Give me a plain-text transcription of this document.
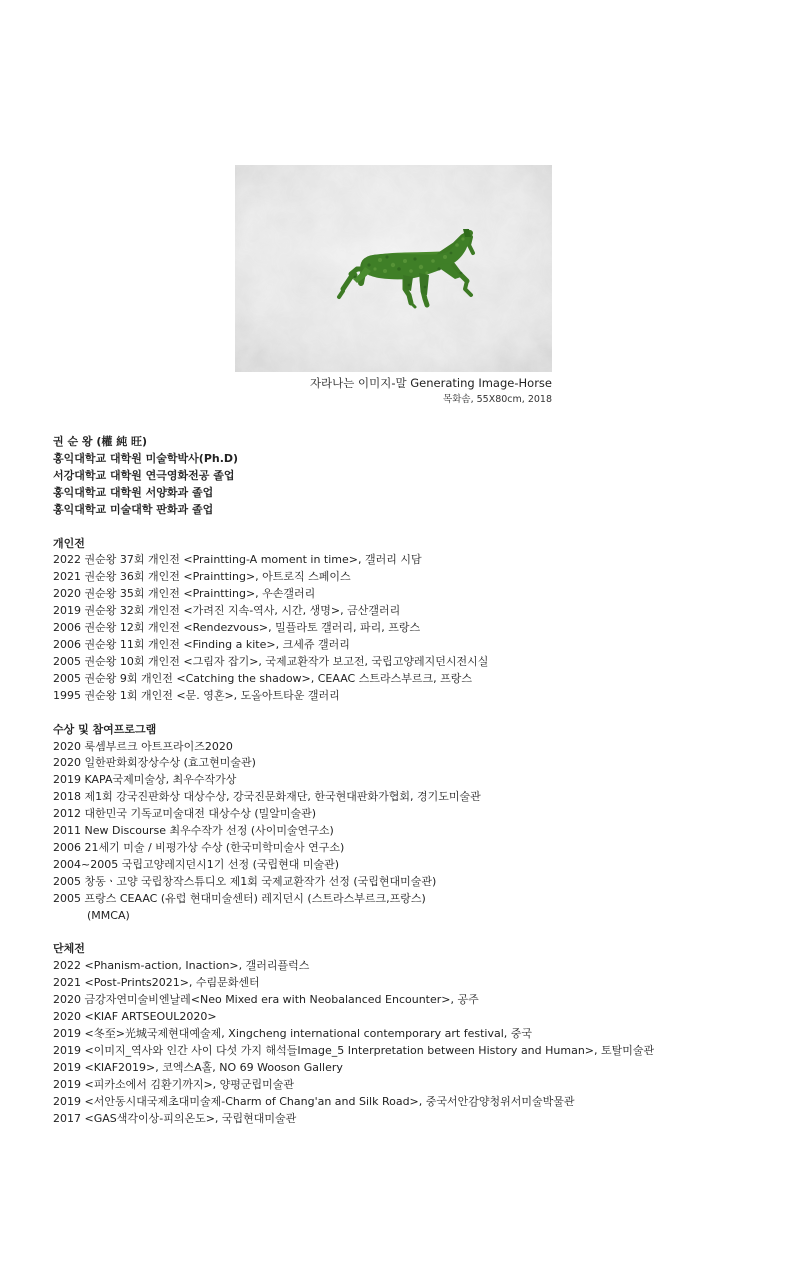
자라나는 이미지-말 Generating Image-Horse
목화솜, 55X80cm, 2018
권 순 왕 (權 純 旺)
홍익대학교 대학원 미술학박사(Ph.D)
서강대학교 대학원 연극영화전공 졸업
홍익대학교 대학원 서양화과 졸업
홍익대학교 미술대학 판화과 졸업
개인전
2022 권순왕 37회 개인전 <Praintting-A moment in time>, 갤러리 시담
2021 권순왕 36회 개인전 <Praintting>, 아트로직 스페이스
2020 권순왕 35회 개인전 <Praintting>, 우손갤러리
2019 권순왕 32회 개인전 <가려진 지속-역사, 시간, 생명>, 금산갤러리
2006 권순왕 12회 개인전 <Rendezvous>, 밀플라토 갤러리, 파리, 프랑스
2006 권순왕 11회 개인전 <Finding a kite>, 크세쥬 갤러리
2005 권순왕 10회 개인전 <그림자 잡기>, 국제교환작가 보고전, 국립고양레지던시전시실
2005 권순왕 9회 개인전 <Catching the shadow>, CEAAC 스트라스부르크, 프랑스
1995 권순왕 1회 개인전 <문. 영혼>, 도올아트타운 갤러리
수상 및 참여프로그램
2020 룩셈부르크 아트프라이즈2020
2020 일한판화회장상수상 (효고현미술관)
2019 KAPA국제미술상, 최우수작가상
2018 제1회 강국진판화상 대상수상, 강국진문화재단, 한국현대판화가협회, 경기도미술관
2012 대한민국 기독교미술대전 대상수상 (밀알미술관)
2011 New Discourse 최우수작가 선정 (사이미술연구소)
2006 21세기 미술 / 비평가상 수상 (한국미학미술사 연구소)
2004~2005 국립고양레지던시1기 선정 (국립현대 미술관)
2005 창동ㆍ고양 국립창작스튜디오 제1회 국제교환작가 선정 (국립현대미술관)
2005 프랑스 CEAAC (유럽 현대미술센터) 레지던시 (스트라스부르크,프랑스)
(MMCA)
단체전
2022 <Phanism-action, Inaction>, 갤러리플럭스
2021 <Post-Prints2021>, 수림문화센터
2020 금강자연미술비엔날레<Neo Mixed era with Neobalanced Encounter>, 공주
2020 <KIAF ARTSEOUL2020>
2019 <冬至>光城국제현대예술제, Xingcheng international contemporary art festival, 중국
2019 <이미지_역사와 인간 사이 다섯 가지 해석들Image_5 Interpretation between History and Human>, 토탈미술관
2019 <KIAF2019>, 코엑스A홀, NO 69 Wooson Gallery
2019 <피카소에서 김환기까지>, 양평군립미술관
2019 <서안동시대국제초대미술제-Charm of Chang'an and Silk Road>, 중국서안감양청위서미술박물관
2017 <GAS색각이상-피의온도>, 국립현대미술관
